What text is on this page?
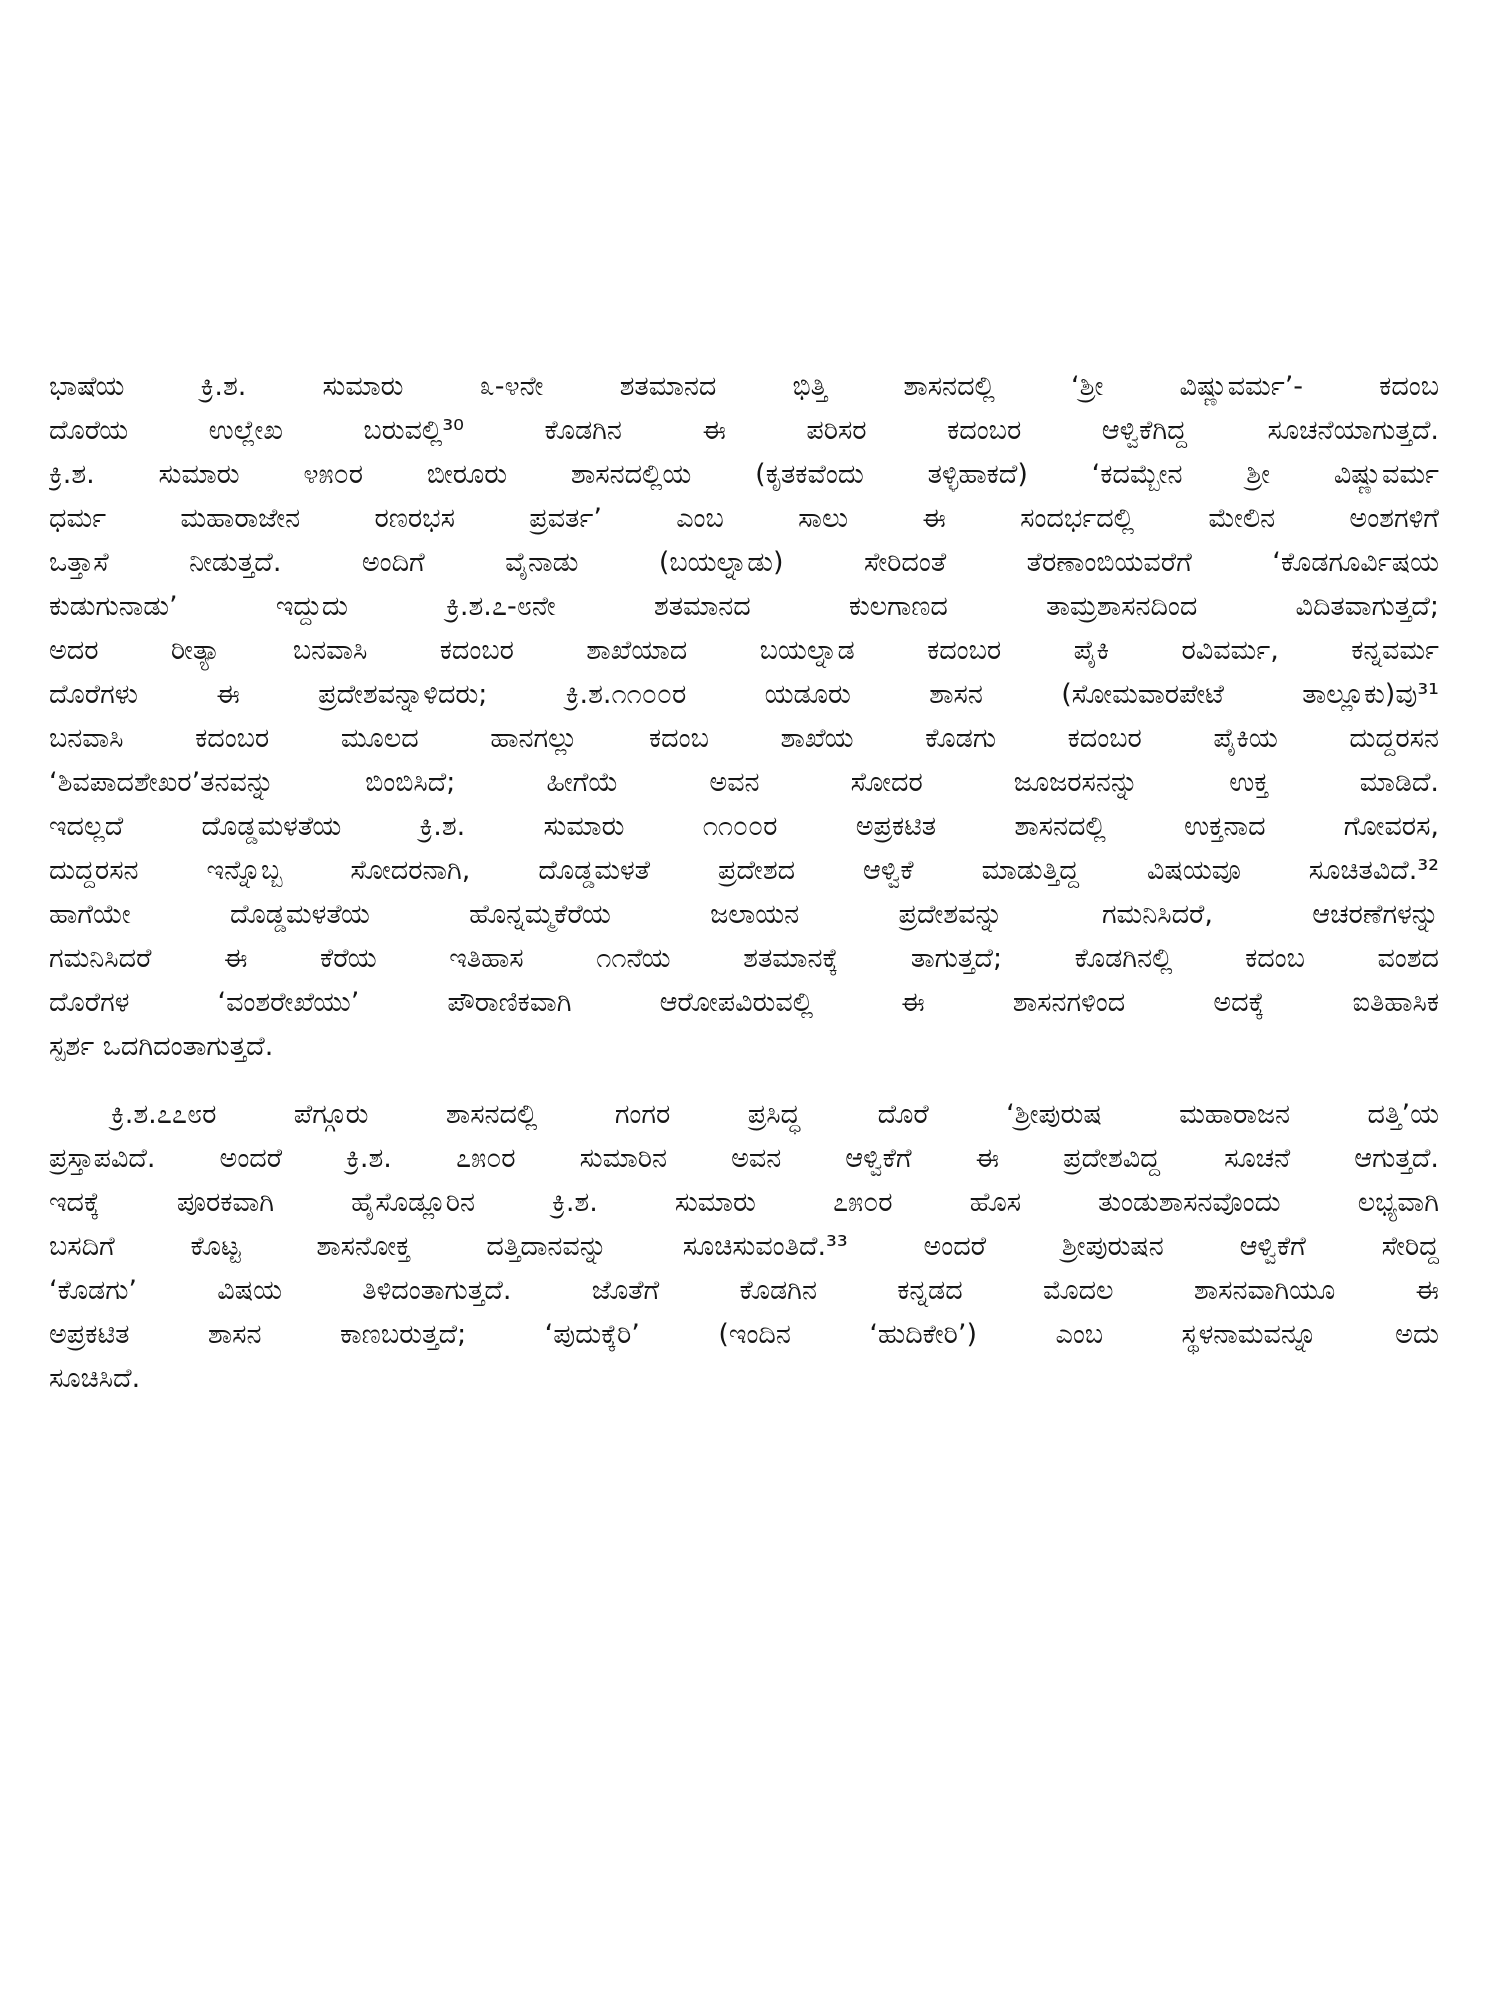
ಭಾಷೆಯ ಕ್ರಿ.ಶ. ಸುಮಾರು ೩-೪ನೇ ಶತಮಾನದ ಭಿತ್ತಿ ಶಾಸನದಲ್ಲಿ ‘ಶ್ರೀ ವಿಷ್ಣುವರ್ಮ’- ಕದಂಬ
ದೊರೆಯ ಉಲ್ಲೇಖ ಬರುವಲ್ಲಿ³⁰ ಕೊಡಗಿನ ಈ ಪರಿಸರ ಕದಂಬರ ಆಳ್ವಿಕೆಗಿದ್ದ ಸೂಚನೆಯಾಗುತ್ತದೆ.
ಕ್ರಿ.ಶ. ಸುಮಾರು ೪೫೦ರ ಬೀರೂರು ಶಾಸನದಲ್ಲಿಯ (ಕೃತಕವೆಂದು ತಳ್ಳಿಹಾಕದೆ) ‘ಕದಮ್ಬೇನ ಶ್ರೀ ವಿಷ್ಣುವರ್ಮ
ಧರ್ಮ ಮಹಾರಾಜೇನ ರಣರಭಸ ಪ್ರವರ್ತ’ ಎಂಬ ಸಾಲು ಈ ಸಂದರ್ಭದಲ್ಲಿ ಮೇಲಿನ ಅಂಶಗಳಿಗೆ
ಒತ್ತಾಸೆ ನೀಡುತ್ತದೆ. ಅಂದಿಗೆ ವೈನಾಡು (ಬಯಲ್ನಾಡು) ಸೇರಿದಂತೆ ತೆರಣಾಂಬಿಯವರೆಗೆ ‘ಕೊಡಗೂರ್ವಿಷಯ
ಕುಡುಗುನಾಡು’ ಇದ್ದುದು ಕ್ರಿ.ಶ.೭-೮ನೇ ಶತಮಾನದ ಕುಲಗಾಣದ ತಾಮ್ರಶಾಸನದಿಂದ ವಿದಿತವಾಗುತ್ತದೆ;
ಅದರ ರೀತ್ಯಾ ಬನವಾಸಿ ಕದಂಬರ ಶಾಖೆಯಾದ ಬಯಲ್ನಾಡ ಕದಂಬರ ಪೈಕಿ ರವಿವರ್ಮ, ಕನ್ನವರ್ಮ
ದೊರೆಗಳು ಈ ಪ್ರದೇಶವನ್ನಾಳಿದರು; ಕ್ರಿ.ಶ.೧೧೦೦ರ ಯಡೂರು ಶಾಸನ (ಸೋಮವಾರಪೇಟೆ ತಾಲ್ಲೂಕು)ವು³¹
ಬನವಾಸಿ ಕದಂಬರ ಮೂಲದ ಹಾನಗಲ್ಲು ಕದಂಬ ಶಾಖೆಯ ಕೊಡಗು ಕದಂಬರ ಪೈಕಿಯ ದುದ್ದರಸನ
‘ಶಿವಪಾದಶೇಖರ’ತನವನ್ನು ಬಿಂಬಿಸಿದೆ; ಹೀಗೆಯೆ ಅವನ ಸೋದರ ಜೂಜರಸನನ್ನು ಉಕ್ತ ಮಾಡಿದೆ.
ಇದಲ್ಲದೆ ದೊಡ್ಡಮಳತೆಯ ಕ್ರಿ.ಶ. ಸುಮಾರು ೧೧೦೦ರ ಅಪ್ರಕಟಿತ ಶಾಸನದಲ್ಲಿ ಉಕ್ತನಾದ ಗೋವರಸ,
ದುದ್ದರಸನ ಇನ್ನೊಬ್ಬ ಸೋದರನಾಗಿ, ದೊಡ್ಡಮಳತೆ ಪ್ರದೇಶದ ಆಳ್ವಿಕೆ ಮಾಡುತ್ತಿದ್ದ ವಿಷಯವೂ ಸೂಚಿತವಿದೆ.³²
ಹಾಗೆಯೇ ದೊಡ್ಡಮಳತೆಯ ಹೊನ್ನಮ್ಮಕೆರೆಯ ಜಲಾಯನ ಪ್ರದೇಶವನ್ನು ಗಮನಿಸಿದರೆ, ಆಚರಣೆಗಳನ್ನು
ಗಮನಿಸಿದರೆ ಈ ಕೆರೆಯ ಇತಿಹಾಸ ೧೧ನೆಯ ಶತಮಾನಕ್ಕೆ ತಾಗುತ್ತದೆ; ಕೊಡಗಿನಲ್ಲಿ ಕದಂಬ ವಂಶದ
ದೊರೆಗಳ ‘ವಂಶರೇಖೆಯು’ ಪೌರಾಣಿಕವಾಗಿ ಆರೋಪವಿರುವಲ್ಲಿ ಈ ಶಾಸನಗಳಿಂದ ಅದಕ್ಕೆ ಐತಿಹಾಸಿಕ
ಸ್ಪರ್ಶ ಒದಗಿದಂತಾಗುತ್ತದೆ.

ಕ್ರಿ.ಶ.೭೭೮ರ ಪೆಗ್ಗೂರು ಶಾಸನದಲ್ಲಿ ಗಂಗರ ಪ್ರಸಿದ್ಧ ದೊರೆ ‘ಶ್ರೀಪುರುಷ ಮಹಾರಾಜನ ದತ್ತಿ’ಯ
ಪ್ರಸ್ತಾಪವಿದೆ. ಅಂದರೆ ಕ್ರಿ.ಶ. ೭೫೦ರ ಸುಮಾರಿನ ಅವನ ಆಳ್ವಿಕೆಗೆ ಈ ಪ್ರದೇಶವಿದ್ದ ಸೂಚನೆ ಆಗುತ್ತದೆ.
ಇದಕ್ಕೆ ಪೂರಕವಾಗಿ ಹೈಸೊಡ್ಲೂರಿನ ಕ್ರಿ.ಶ. ಸುಮಾರು ೭೫೦ರ ಹೊಸ ತುಂಡುಶಾಸನವೊಂದು ಲಭ್ಯವಾಗಿ
ಬಸದಿಗೆ ಕೊಟ್ಟ ಶಾಸನೋಕ್ತ ದತ್ತಿದಾನವನ್ನು ಸೂಚಿಸುವಂತಿದೆ.³³ ಅಂದರೆ ಶ್ರೀಪುರುಷನ ಆಳ್ವಿಕೆಗೆ ಸೇರಿದ್ದ
‘ಕೊಡಗು’ ವಿಷಯ ತಿಳಿದಂತಾಗುತ್ತದೆ. ಜೊತೆಗೆ ಕೊಡಗಿನ ಕನ್ನಡದ ಮೊದಲ ಶಾಸನವಾಗಿಯೂ ಈ
ಅಪ್ರಕಟಿತ ಶಾಸನ ಕಾಣಬರುತ್ತದೆ; ‘ಪುದುಕ್ಕೆರಿ’ (ಇಂದಿನ ‘ಹುದಿಕೇರಿ’) ಎಂಬ ಸ್ಥಳನಾಮವನ್ನೂ ಅದು
ಸೂಚಿಸಿದೆ.
